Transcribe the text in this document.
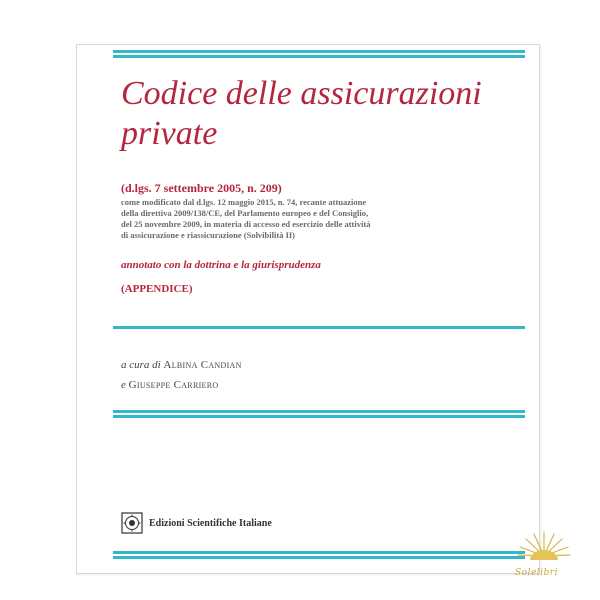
Codice delle assicurazioni
private
(d.lgs. 7 settembre 2005, n. 209)
come modificato dal d.lgs. 12 maggio 2015, n. 74, recante attuazione
della direttiva 2009/138/CE, del Parlamento europeo e del Consiglio,
del 25 novembre 2009, in materia di accesso ed esercizio delle attività
di assicurazione e riassicurazione (Solvibilità II)
annotato con la dottrina e la giurisprudenza
(APPENDICE)
a cura di Albina Candian
e Giuseppe Carriero
Edizioni Scientifiche Italiane
Solelibri
